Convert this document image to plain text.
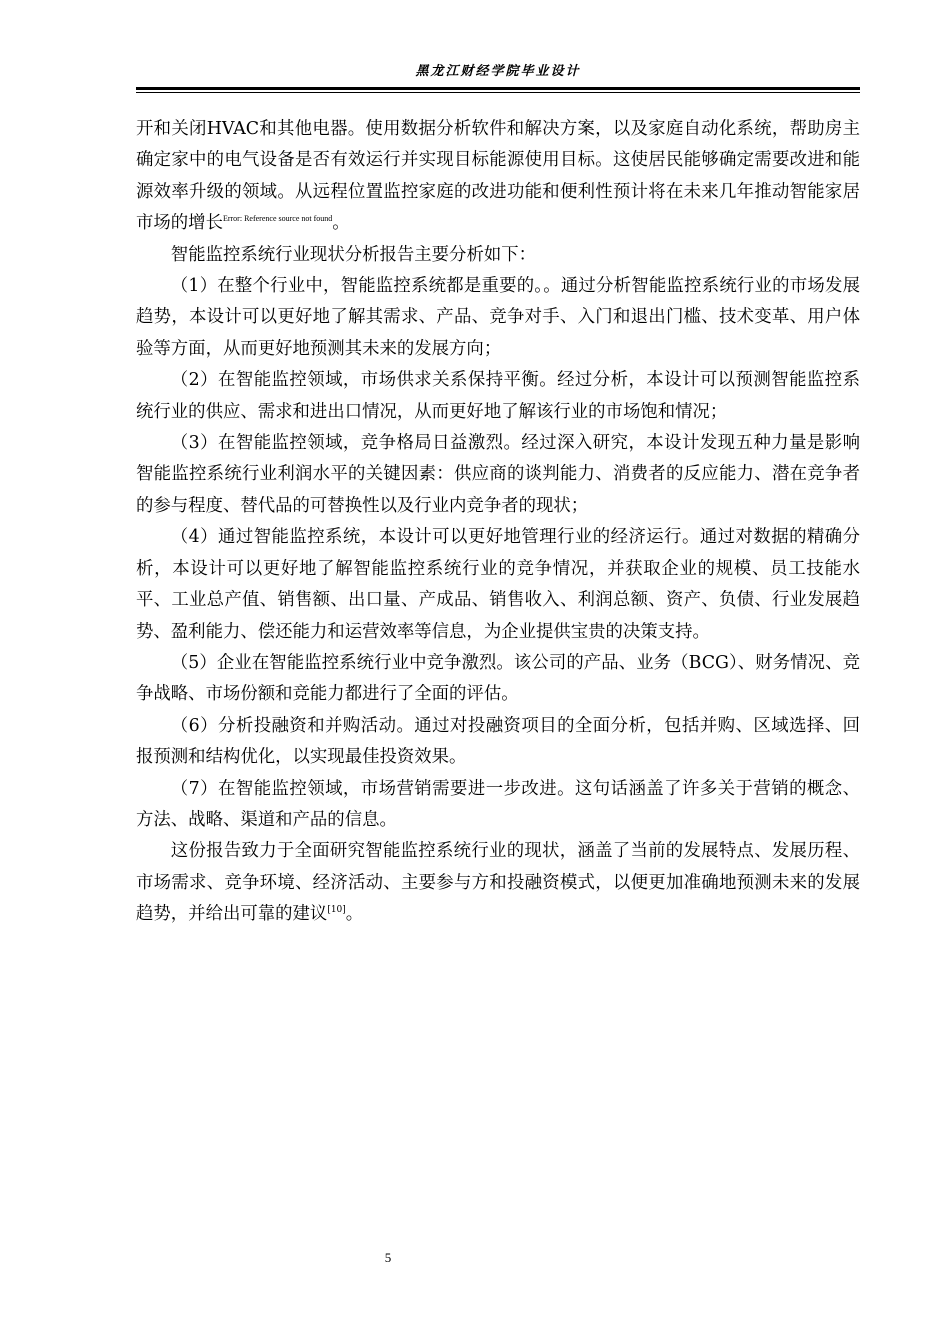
黑龙江财经学院毕业设计

开和关闭HVAC和其他电器。使用数据分析软件和解决方案，以及家庭自动化系统，帮助房主确定家中的电气设备是否有效运行并实现目标能源使用目标。这使居民能够确定需要改进和能源效率升级的领域。从远程位置监控家庭的改进功能和便利性预计将在未来几年推动智能家居市场的增长$^{Error: Reference source not found}$。

智能监控系统行业现状分析报告主要分析如下：

（1）在整个行业中，智能监控系统都是重要的。。通过分析智能监控系统行业的市场发展趋势，本设计可以更好地了解其需求、产品、竞争对手、入门和退出门槛、技术变革、用户体验等方面，从而更好地预测其未来的发展方向；

（2）在智能监控领域，市场供求关系保持平衡。经过分析，本设计可以预测智能监控系统行业的供应、需求和进出口情况，从而更好地了解该行业的市场饱和情况；

（3）在智能监控领域，竞争格局日益激烈。经过深入研究，本设计发现五种力量是影响智能监控系统行业利润水平的关键因素：供应商的谈判能力、消费者的反应能力、潜在竞争者的参与程度、替代品的可替换性以及行业内竞争者的现状；

（4）通过智能监控系统，本设计可以更好地管理行业的经济运行。通过对数据的精确分析，本设计可以更好地了解智能监控系统行业的竞争情况，并获取企业的规模、员工技能水平、工业总产值、销售额、出口量、产成品、销售收入、利润总额、资产、负债、行业发展趋势、盈利能力、偿还能力和运营效率等信息，为企业提供宝贵的决策支持。

（5）企业在智能监控系统行业中竞争激烈。该公司的产品、业务（BCG）、财务情况、竞争战略、市场份额和竞能力都进行了全面的评估。

（6）分析投融资和并购活动。通过对投融资项目的全面分析，包括并购、区域选择、回报预测和结构优化，以实现最佳投资效果。

（7）在智能监控领域，市场营销需要进一步改进。这句话涵盖了许多关于营销的概念、方法、战略、渠道和产品的信息。

这份报告致力于全面研究智能监控系统行业的现状，涵盖了当前的发展特点、发展历程、市场需求、竞争环境、经济活动、主要参与方和投融资模式，以便更加准确地预测未来的发展趋势，并给出可靠的建议[10]。

5
